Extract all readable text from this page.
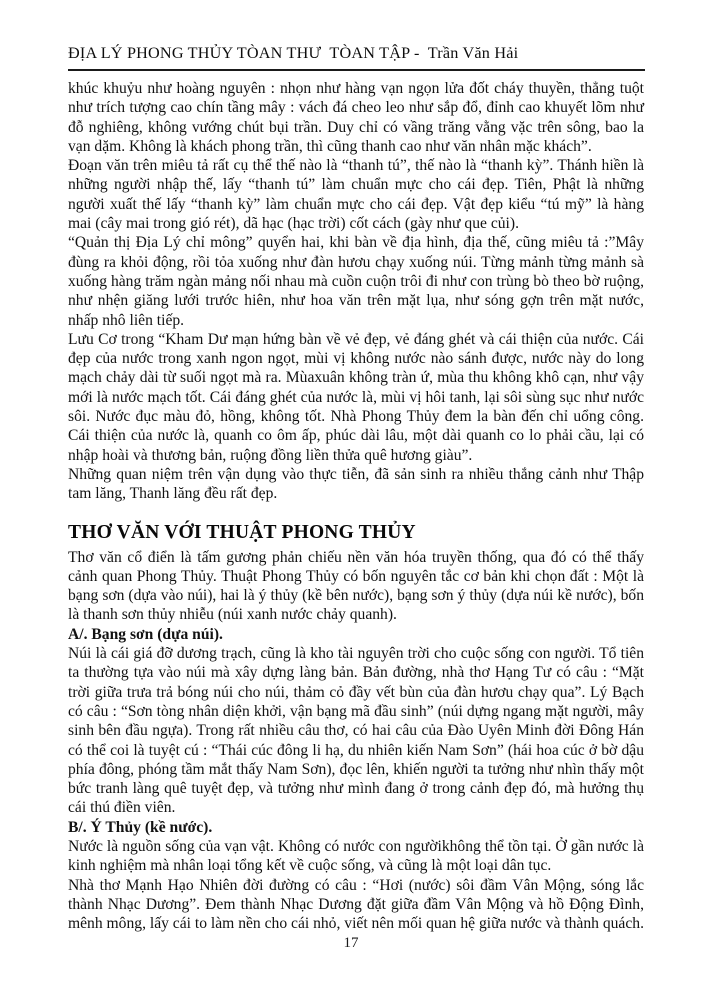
ĐỊA LÝ PHONG THỦY TÒAN THƯ  TÒAN TẬP -  Trần Văn Hải

khúc khuỷu như hoàng nguyên : nhọn như hàng vạn ngọn lửa đốt cháy thuyền, thẳng tuột như trích tượng cao chín tầng mây : vách đá cheo leo như sắp đổ, đỉnh cao khuyết lõm như đỗ nghiêng, không vướng chút bụi trần. Duy chỉ có vầng trăng vằng vặc trên sông, bao la vạn dặm. Không là khách phong trần, thì cũng thanh cao như văn nhân mặc khách”.

Đoạn văn trên miêu tả rất cụ thể thế nào là “thanh tú”, thế nào là “thanh kỳ”. Thánh hiền là những người nhập thế, lấy “thanh tú” làm chuẩn mực cho cái đẹp. Tiên, Phật là những người xuất thế lấy “thanh kỳ” làm chuẩn mực cho cái đẹp. Vật đẹp kiểu “tú mỹ” là hàng mai (cây mai trong gió rét), dã hạc (hạc trời) cốt cách (gày như que củi).

“Quản thị Địa Lý chỉ mông” quyển hai, khi bàn về địa hình, địa thế, cũng miêu tả :”Mây đùng ra khỏi động, rồi tỏa xuống như đàn hươu chạy xuống núi. Từng mảnh từng mảnh sà xuống hàng trăm ngàn mảng nối nhau mà cuồn cuộn trôi đi như con trùng bò theo bờ ruộng, như nhện giăng lưới trước hiên, như hoa văn trên mặt lụa, như sóng gợn trên mặt nước, nhấp nhô liên tiếp.

Lưu Cơ trong “Kham Dư mạn hứng bàn về vẻ đẹp, vẻ đáng ghét và cái thiện của nước. Cái đẹp của nước trong xanh ngon ngọt, mùi vị không nước nào sánh được, nước này do long mạch chảy dài từ suối ngọt mà ra. Mùaxuân không tràn ứ, mùa thu không khô cạn, như vậy mới là nước mạch tốt. Cái đáng ghét của nước là, mùi vị hôi tanh, lại sôi sùng sục như nước sôi. Nước đục màu đỏ, hồng, không tốt. Nhà Phong Thủy đem la bàn đến chỉ uổng công. Cái thiện của nước là, quanh co ôm ấp, phúc dài lâu, một dài quanh co lo phải cầu, lại có nhập hoài và thương bản, ruộng đồng liền thửa quê hương giàu”.

Những quan niệm trên vận dụng vào thực tiễn, đã sản sinh ra nhiều thắng cảnh như Thập tam lăng, Thanh lăng đều rất đẹp.

THƠ VĂN VỚI THUẬT PHONG THỦY

Thơ văn cổ điển là tấm gương phản chiếu nền văn hóa truyền thống, qua đó có thể thấy cảnh quan Phong Thủy. Thuật Phong Thủy có bốn nguyên tắc cơ bản khi chọn đất : Một là bạng sơn (dựa vào núi), hai là ý thủy (kề bên nước), bạng sơn ý thủy (dựa núi kề nước), bốn là thanh sơn thủy nhiễu (núi xanh nước chảy quanh).

A/. Bạng sơn (dựa núi).

Núi là cái giá đỡ dương trạch, cũng là kho tài nguyên trời cho cuộc sống con người. Tổ tiên ta thường tựa vào núi mà xây dựng làng bản. Bản đường, nhà thơ Hạng Tư có câu : “Mặt trời giữa trưa trả bóng núi cho núi, thảm cỏ đầy vết bùn của đàn hươu chạy qua”. Lý Bạch có câu : “Sơn tòng nhân diện khởi, vận bạng mã đầu sinh” (núi dựng ngang mặt người, mây sinh bên đầu ngựa). Trong rất nhiều câu thơ, có hai câu của Đào Uyên Minh đời Đông Hán có thể coi là tuyệt cú : “Thái cúc đông li hạ, du nhiên kiến Nam Sơn” (hái hoa cúc ở bờ dậu phía đông, phóng tầm mắt thấy Nam Sơn), đọc lên, khiến người ta tưởng như nhìn thấy một bức tranh làng quê tuyệt đẹp, và tưởng như mình đang ở trong cảnh đẹp đó, mà hưởng thụ cái thú điền viên.

B/. Ý Thủy (kề nước).

Nước là nguồn sống của vạn vật. Không có nước con ngườikhông thể tồn tại. Ở gần nước là kinh nghiệm mà nhân loại tổng kết về cuộc sống, và cũng là một loại dân tục.

Nhà thơ Mạnh Hạo Nhiên đời đường có câu : “Hơi (nước) sôi đầm Vân Mộng, sóng lắc thành Nhạc Dương”. Đem thành Nhạc Dương đặt giữa đầm Vân Mộng và hồ Động Đình, mênh mông, lấy cái to làm nền cho cái nhỏ, viết nên mối quan hệ giữa nước và thành quách.

17
